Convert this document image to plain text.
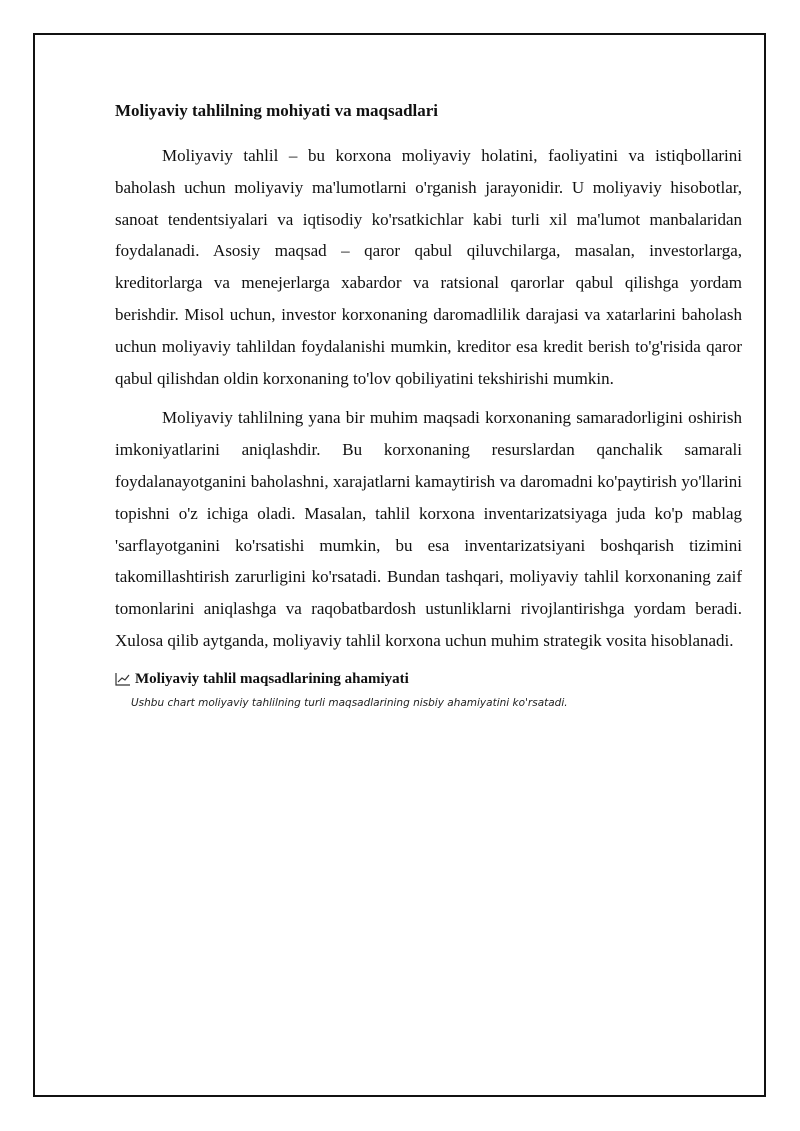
Moliyaviy tahlilning mohiyati va maqsadlari

Moliyaviy tahlil – bu korxona moliyaviy holatini, faoliyatini va istiqbollarini baholash uchun moliyaviy ma'lumotlarni o'rganish jarayonidir. U moliyaviy hisobotlar, sanoat tendentsiyalari va iqtisodiy ko'rsatkichlar kabi turli xil ma'lumot manbalaridan foydalanadi. Asosiy maqsad – qaror qabul qiluvchilarga, masalan, investorlarga, kreditorlarga va menejerlarga xabardor va ratsional qarorlar qabul qilishga yordam berishdir. Misol uchun, investor korxonaning daromadlilik darajasi va xatarlarini baholash uchun moliyaviy tahlildan foydalanishi mumkin, kreditor esa kredit berish to'g'risida qaror qabul qilishdan oldin korxonaning to'lov qobiliyatini tekshirishi mumkin.

Moliyaviy tahlilning yana bir muhim maqsadi korxonaning samaradorligini oshirish imkoniyatlarini aniqlashdir. Bu korxonaning resurslardan qanchalik samarali foydalanayotganini baholashni, xarajatlarni kamaytirish va daromadni ko'paytirish yo'llarini topishni o'z ichiga oladi. Masalan, tahlil korxona inventarizatsiyaga juda ko'p mablag 'sarflayotganini ko'rsatishi mumkin, bu esa inventarizatsiyani boshqarish tizimini takomillashtirish zarurligini ko'rsatadi. Bundan tashqari, moliyaviy tahlil korxonaning zaif tomonlarini aniqlashga va raqobatbardosh ustunliklarni rivojlantirishga yordam beradi. Xulosa qilib aytganda, moliyaviy tahlil korxona uchun muhim strategik vosita hisoblanadi.

Moliyaviy tahlil maqsadlarining ahamiyati
Ushbu chart moliyaviy tahlilning turli maqsadlarining nisbiy ahamiyatini ko'rsatadi.
